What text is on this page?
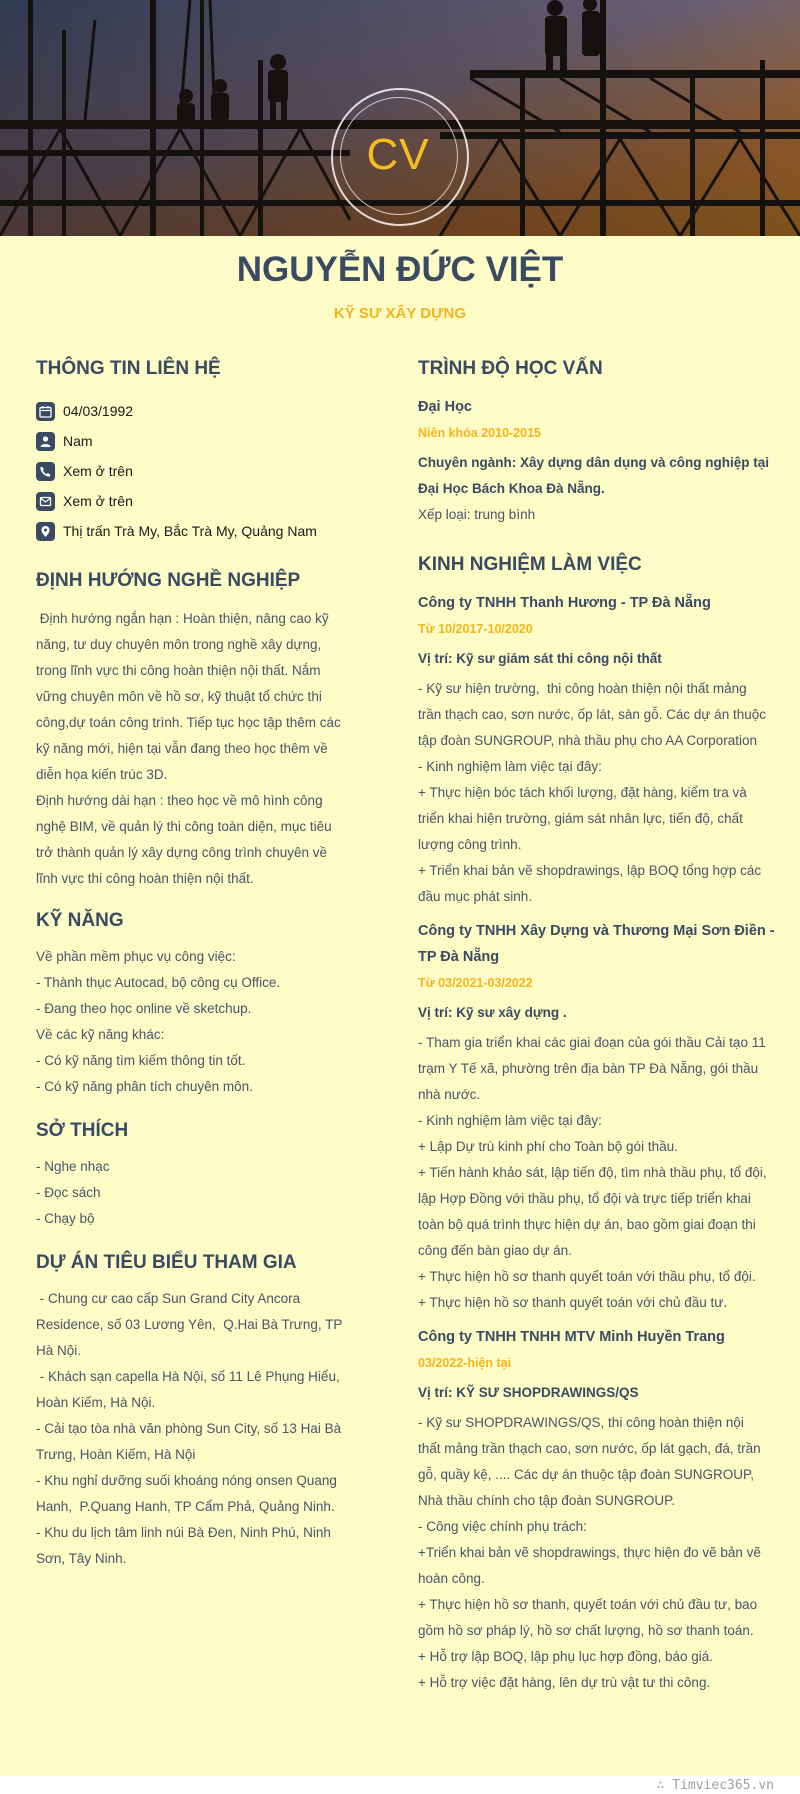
CV
NGUYỄN ĐỨC VIỆT
KỸ SƯ XÂY DỰNG
THÔNG TIN LIÊN HỆ
04/03/1992
Nam
Xem ở trên
Xem ở trên
Thị trấn Trà My, Bắc Trà My, Quảng Nam
ĐỊNH HƯỚNG NGHỀ NGHIỆP

Định hướng ngắn hạn : Hoàn thiện, nâng cao kỹ
năng, tư duy chuyên môn trong nghề xây dựng,
trong lĩnh vực thi công hoàn thiện nội thất. Nắm
vững chuyên môn về hồ sơ, kỹ thuật tổ chức thi
công,dự toán công trình. Tiếp tục học tập thêm các
kỹ năng mới, hiện tại vẫn đang theo học thêm về
diễn họa kiến trúc 3D.
Định hướng dài hạn : theo học về mô hình công
nghệ BIM, về quản lý thi công toàn diện, mục tiêu
trở thành quản lý xây dựng công trình chuyên về
lĩnh vực thi công hoàn thiện nội thất.

KỸ NĂNG

Về phần mềm phục vụ công việc:
- Thành thục Autocad, bộ công cụ Office.
- Đang theo học online về sketchup.
Về các kỹ năng khác:
- Có kỹ năng tìm kiếm thông tin tốt.
- Có kỹ năng phân tích chuyên môn.

SỞ THÍCH

- Nghe nhạc
- Đọc sách
- Chạy bộ

DỰ ÁN TIÊU BIỂU THAM GIA

- Chung cư cao cấp Sun Grand City Ancora
Residence, số 03 Lương Yên,  Q.Hai Bà Trưng, TP
Hà Nội.
- Khách sạn capella Hà Nội, số 11 Lê Phụng Hiểu,
Hoàn Kiếm, Hà Nội.
- Cải tạo tòa nhà văn phòng Sun City, số 13 Hai Bà
Trưng, Hoàn Kiếm, Hà Nội
- Khu nghỉ dưỡng suối khoáng nóng onsen Quang
Hanh,  P.Quang Hanh, TP Cẩm Phả, Quảng Ninh.
- Khu du lịch tâm linh núi Bà Đen, Ninh Phú, Ninh
Sơn, Tây Ninh.

TRÌNH ĐỘ HỌC VẤN

Đại Học

Niên khóa 2010-2015

Chuyên ngành: Xây dựng dân dụng và công nghiệp tại
Đại Học Bách Khoa Đà Nẵng.

Xếp loại: trung bình

KINH NGHIỆM LÀM VIỆC

Công ty TNHH Thanh Hương - TP Đà Nẵng

Từ 10/2017-10/2020

Vị trí: Kỹ sư giám sát thi công nội thất

- Kỹ sư hiện trường,  thi công hoàn thiện nội thất mảng
trần thạch cao, sơn nước, ốp lát, sàn gỗ. Các dự án thuộc
tập đoàn SUNGROUP, nhà thầu phụ cho AA Corporation
- Kinh nghiệm làm việc tại đây:
+ Thực hiện bóc tách khối lượng, đặt hàng, kiểm tra và
triển khai hiện trường, giám sát nhân lực, tiến độ, chất
lượng công trình.
+ Triển khai bản vẽ shopdrawings, lập BOQ tổng hợp các
đầu mục phát sinh.

Công ty TNHH Xây Dựng và Thương Mại Sơn Điền -
TP Đà Nẵng

Từ 03/2021-03/2022

Vị trí: Kỹ sư xây dựng .

- Tham gia triển khai các giai đoạn của gói thầu Cải tạo 11
trạm Y Tế xã, phường trên địa bàn TP Đà Nẵng, gói thầu
nhà nước.
- Kinh nghiệm làm việc tại đây:
+ Lập Dự trù kinh phí cho Toàn bộ gói thầu.
+ Tiến hành khảo sát, lập tiến độ, tìm nhà thầu phụ, tổ đội,
lập Hợp Đồng với thầu phụ, tổ đội và trực tiếp triển khai
toàn bộ quá trình thực hiện dự án, bao gồm giai đoạn thi
công đến bàn giao dự án.
+ Thực hiện hồ sơ thanh quyết toán với thầu phụ, tổ đội.
+ Thực hiện hồ sơ thanh quyết toán với chủ đầu tư.

Công ty TNHH TNHH MTV Minh Huyền Trang

03/2022-hiện tại

Vị trí: KỸ SƯ SHOPDRAWINGS/QS

- Kỹ sư SHOPDRAWINGS/QS, thi công hoàn thiện nội
thất mảng trần thạch cao, sơn nước, ốp lát gạch, đá, trần
gỗ, quầy kệ, .... Các dự án thuộc tập đoàn SUNGROUP,
Nhà thầu chính cho tập đoàn SUNGROUP.
- Công việc chính phụ trách:
+Triển khai bản vẽ shopdrawings, thực hiện đo vẽ bản vẽ
hoàn công.
+ Thực hiện hồ sơ thanh, quyết toán với chủ đầu tư, bao
gồm hồ sơ pháp lý, hồ sơ chất lượng, hồ sơ thanh toán.
+ Hỗ trợ lập BOQ, lập phụ lục hợp đồng, báo giá.
+ Hỗ trợ việc đặt hàng, lên dự trù vật tư thi công.

∴ Timviec365.vn
